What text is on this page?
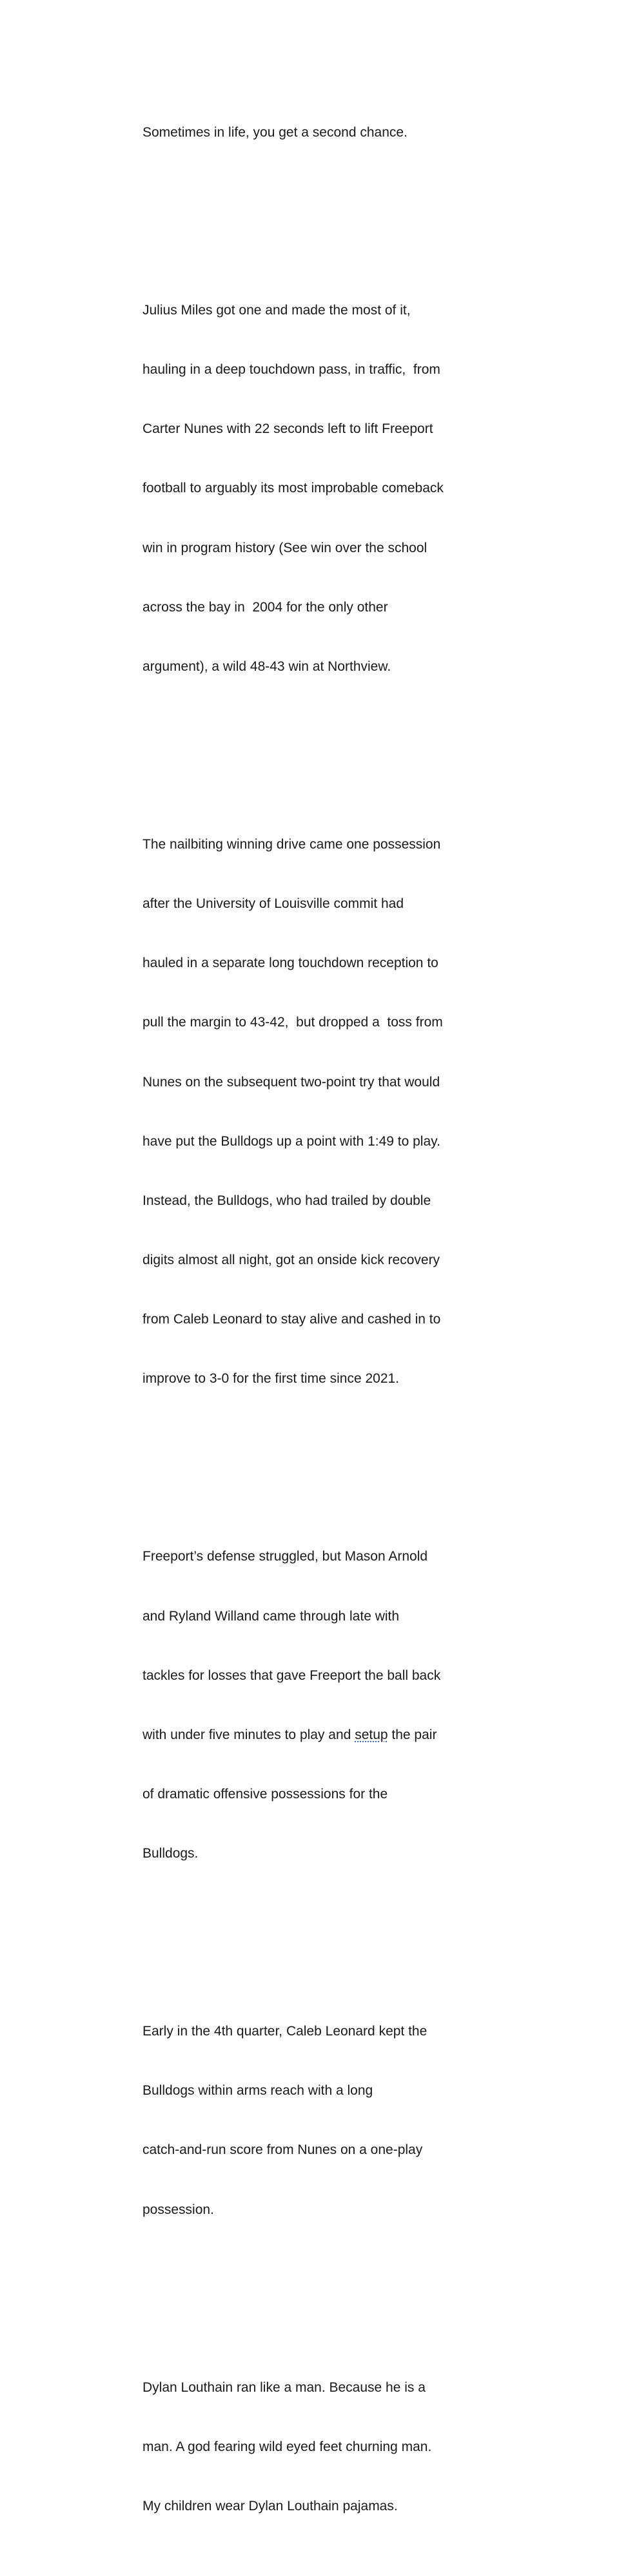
Sometimes in life, you get a second chance.

Julius Miles got one and made the most of it,

hauling in a deep touchdown pass, in traffic,  from

Carter Nunes with 22 seconds left to lift Freeport

football to arguably its most improbable comeback

win in program history (See win over the school

across the bay in  2004 for the only other

argument), a wild 48-43 win at Northview.

The nailbiting winning drive came one possession

after the University of Louisville commit had

hauled in a separate long touchdown reception to

pull the margin to 43-42,  but dropped a  toss from

Nunes on the subsequent two-point try that would

have put the Bulldogs up a point with 1:49 to play.

Instead, the Bulldogs, who had trailed by double

digits almost all night, got an onside kick recovery

from Caleb Leonard to stay alive and cashed in to

improve to 3-0 for the first time since 2021.

Freeport’s defense struggled, but Mason Arnold

and Ryland Willand came through late with

tackles for losses that gave Freeport the ball back

with under five minutes to play and setup the pair

of dramatic offensive possessions for the

Bulldogs.

Early in the 4th quarter, Caleb Leonard kept the

Bulldogs within arms reach with a long

catch-and-run score from Nunes on a one-play

possession.

Dylan Louthain ran like a man. Because he is a

man. A god fearing wild eyed feet churning man.

My children wear Dylan Louthain pajamas.
